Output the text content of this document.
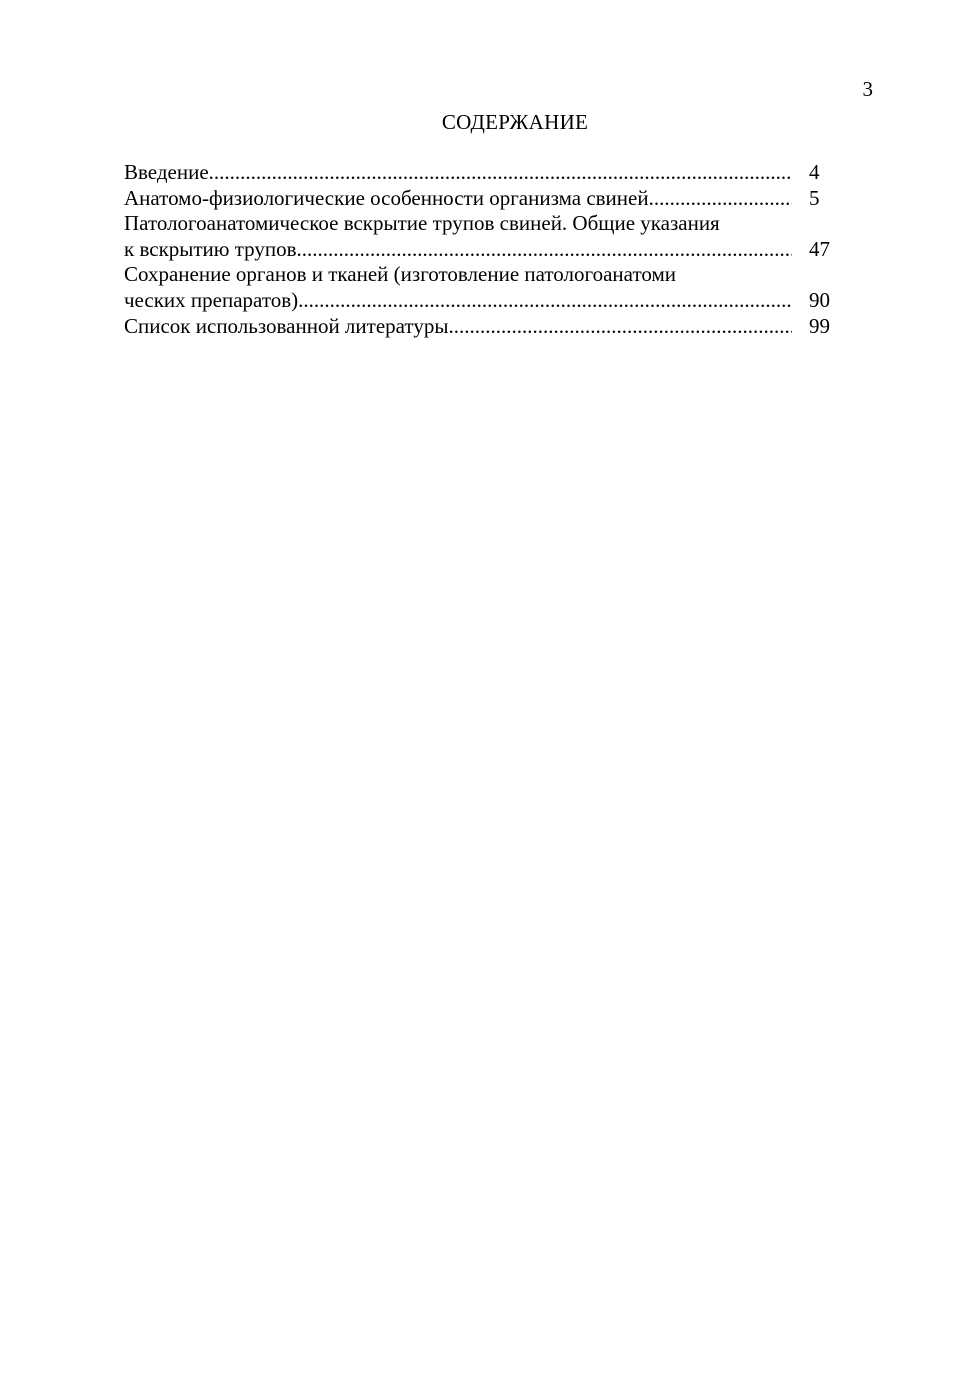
3
СОДЕРЖАНИЕ
Введение .....	4
Анатомо-физиологические особенности организма свиней .....	5
Патологоанатомическое вскрытие трупов свиней. Общие указания
к вскрытию трупов .....	47
Сохранение органов и тканей (изготовление патологоанатоми
ческих препаратов) .....	90
Список использованной литературы .....	99
